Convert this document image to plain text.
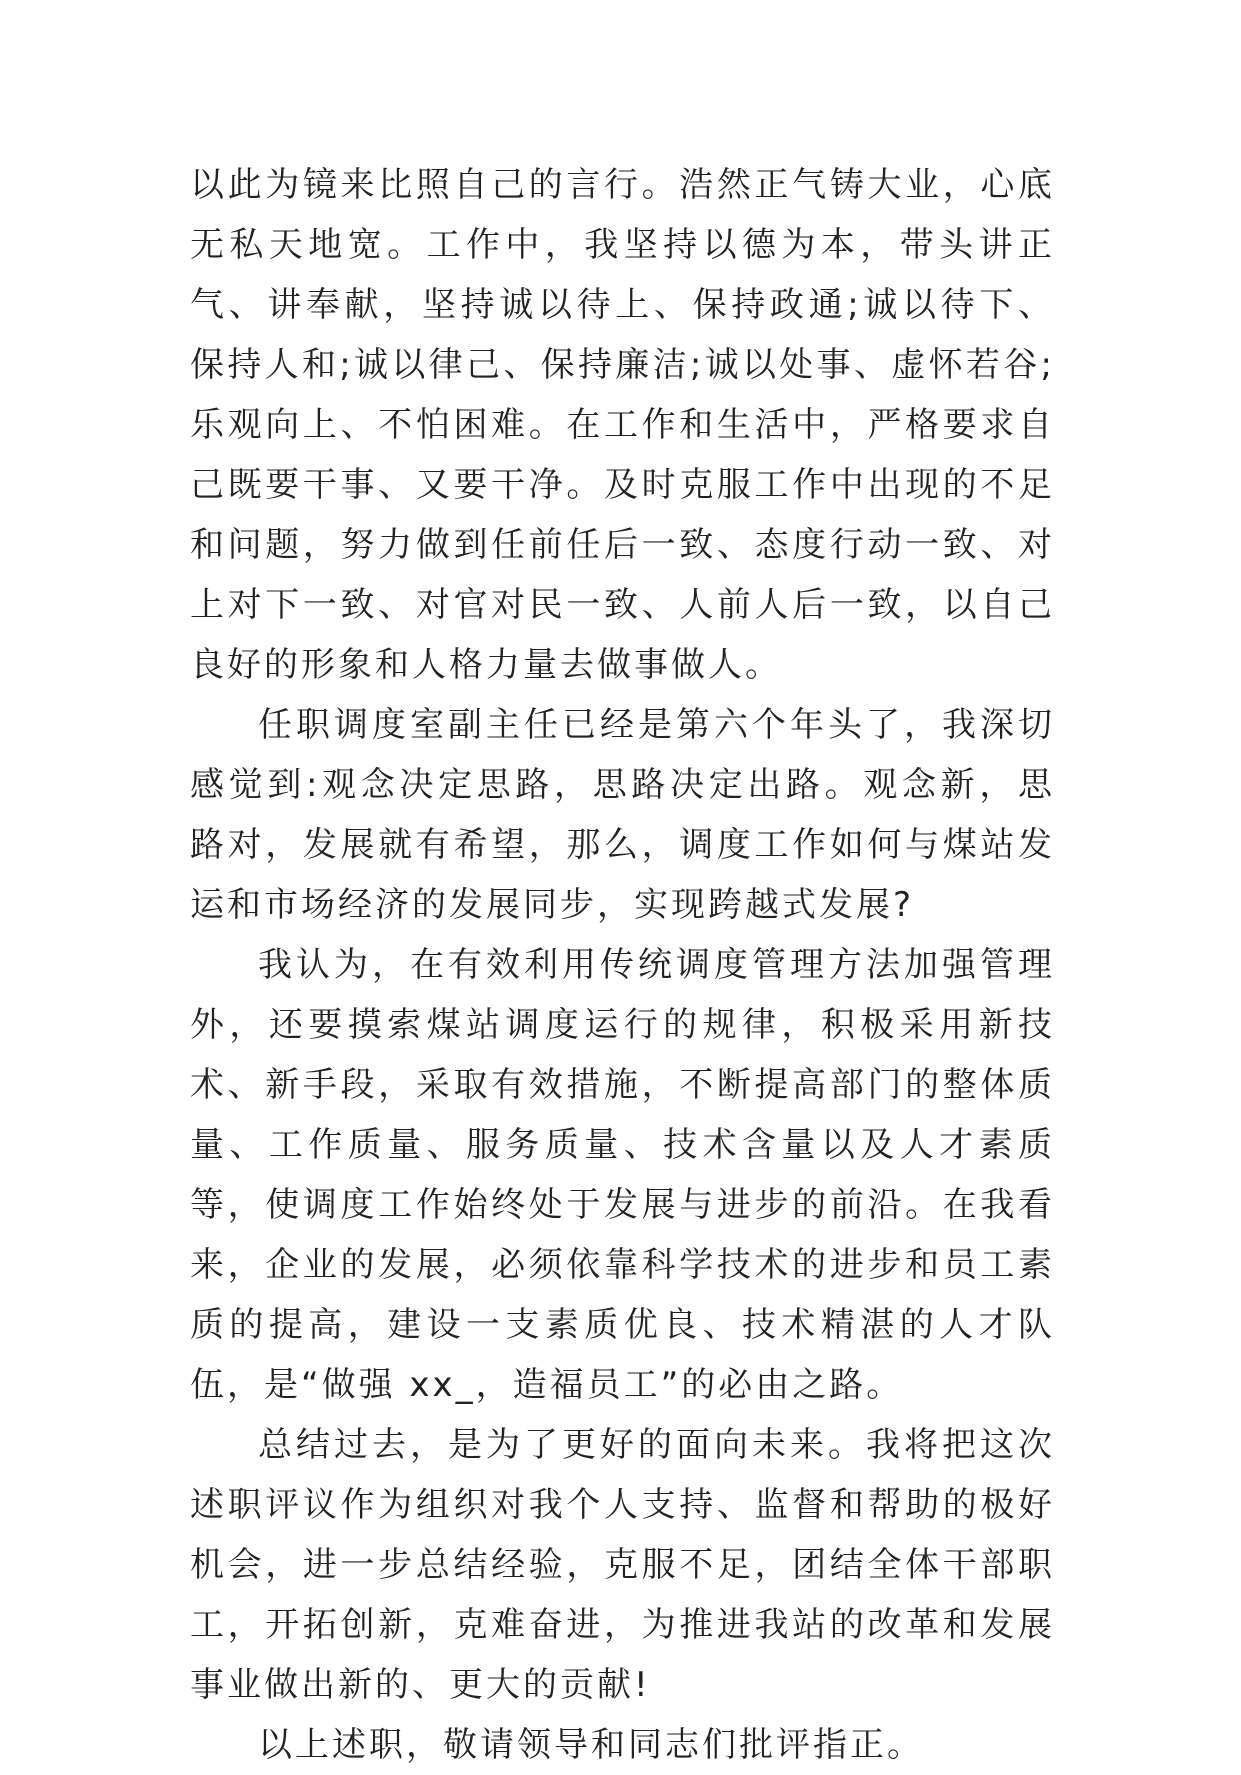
以此为镜来比照自己的言行。浩然正气铸大业，心底无私天地宽。工作中，我坚持以德为本，带头讲正气、讲奉献，坚持诚以待上、保持政通;诚以待下、保持人和;诚以律己、保持廉洁;诚以处事、虚怀若谷;乐观向上、不怕困难。在工作和生活中，严格要求自己既要干事、又要干净。及时克服工作中出现的不足和问题，努力做到任前任后一致、态度行动一致、对上对下一致、对官对民一致、人前人后一致，以自己良好的形象和人格力量去做事做人。

任职调度室副主任已经是第六个年头了，我深切感觉到:观念决定思路，思路决定出路。观念新，思路对，发展就有希望，那么，调度工作如何与煤站发运和市场经济的发展同步，实现跨越式发展?

我认为，在有效利用传统调度管理方法加强管理外，还要摸索煤站调度运行的规律，积极采用新技术、新手段，采取有效措施，不断提高部门的整体质量、工作质量、服务质量、技术含量以及人才素质等，使调度工作始终处于发展与进步的前沿。在我看来，企业的发展，必须依靠科学技术的进步和员工素质的提高，建设一支素质优良、技术精湛的人才队伍，是“做强 xx_，造福员工”的必由之路。

总结过去，是为了更好的面向未来。我将把这次述职评议作为组织对我个人支持、监督和帮助的极好机会，进一步总结经验，克服不足，团结全体干部职工，开拓创新，克难奋进，为推进我站的改革和发展事业做出新的、更大的贡献!

以上述职，敬请领导和同志们批评指正。
